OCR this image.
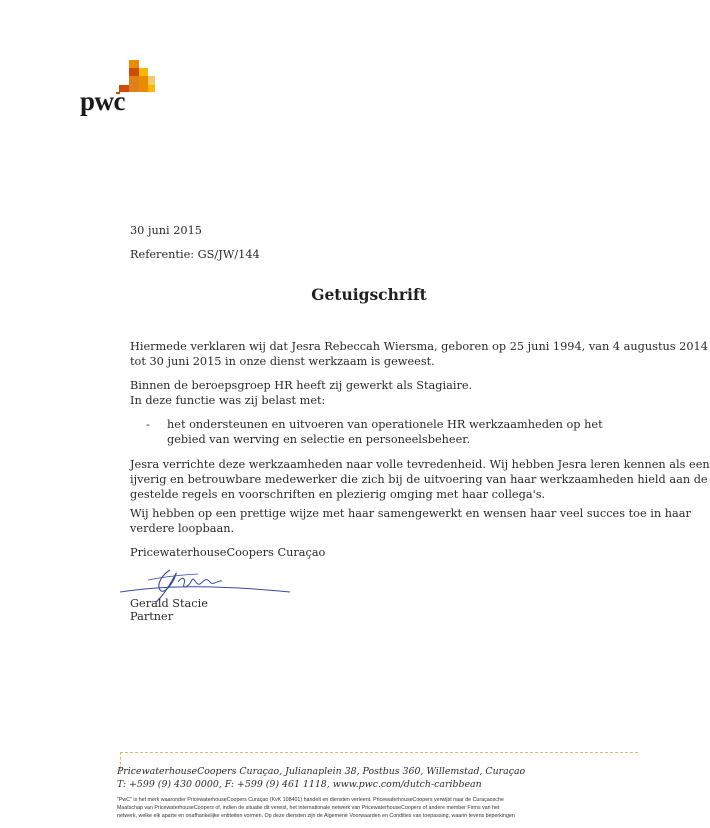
pwc
30 juni 2015
Referentie: GS/JW/144
Getuigschrift
Hiermede verklaren wij dat Jesra Rebeccah Wiersma, geboren op 25 juni 1994, van 4 augustus 2014
tot 30 juni 2015 in onze dienst werkzaam is geweest.
Binnen de beroepsgroep HR heeft zij gewerkt als Stagiaire.
In deze functie was zij belast met:
- het ondersteunen en uitvoeren van operationele HR werkzaamheden op het
gebied van werving en selectie en personeelsbeheer.
Jesra verrichte deze werkzaamheden naar volle tevredenheid. Wij hebben Jesra leren kennen als een
ijverig en betrouwbare medewerker die zich bij de uitvoering van haar werkzaamheden hield aan de
gestelde regels en voorschriften en plezierig omging met haar collega's.
Wij hebben op een prettige wijze met haar samengewerkt en wensen haar veel succes toe in haar
verdere loopbaan.
PricewaterhouseCoopers Curaçao
Gerald Stacie
Partner
PricewaterhouseCoopers Curaçao, Julianaplein 38, Postbus 360, Willemstad, Curaçao
T: +599 (9) 430 0000, F: +599 (9) 461 1118, www.pwc.com/dutch-caribbean
"PwC" is het merk waaronder PricewaterhouseCoopers Curaçao (KvK 108401) handelt en diensten verleent. PricewaterhouseCoopers verwijst naar de Curaçaosche
Maatschap van PricewaterhouseCoopers of, indien de situatie dit vereist, het internationale netwerk van PricewaterhouseCoopers of andere member Firms van het
netwerk, welke elk aparte en onafhankelijke entiteiten vormen. Op deze diensten zijn de Algemene Voorwaarden en Condities van toepassing, waarin tevens beperkingen
